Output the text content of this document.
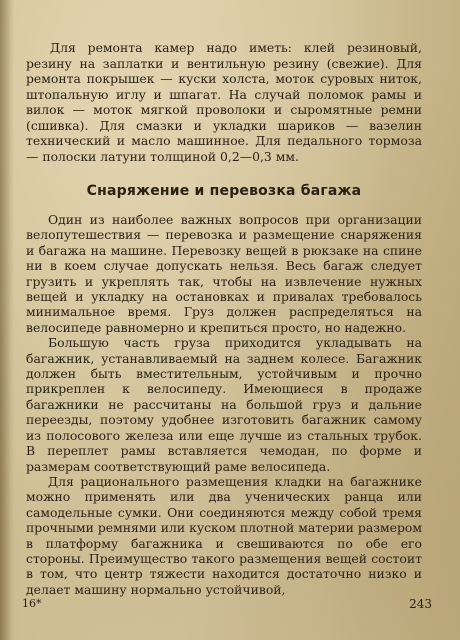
Для ремонта камер надо иметь: клей резиновый, резину на заплатки и вентильную резину (свежие). Для ремонта покрышек — куски холста, моток суровых ниток, штопальную иглу и шпагат. На случай поломок рамы и вилок — моток мягкой проволоки и сыромятные ремни (сшивка). Для смазки и укладки шариков — вазелин технический и масло машинное. Для педального тормоза — полоски латуни толщиной 0,2—0,3 мм.

Снаряжение и перевозка багажа

Один из наиболее важных вопросов при организации велопутешествия — перевозка и размещение снаряжения и багажа на машине. Перевозку вещей в рюкзаке на спине ни в коем случае допускать нельзя. Весь багаж следует грузить и укреплять так, чтобы на извлечение нужных вещей и укладку на остановках и привалах требовалось минимальное время. Груз должен распределяться на велосипеде равномерно и крепиться просто, но надежно.

Большую часть груза приходится укладывать на багажник, устанавливаемый на заднем колесе. Багажник должен быть вместительным, устойчивым и прочно прикреплен к велосипеду. Имеющиеся в продаже багажники не рассчитаны на большой груз и дальние переезды, поэтому удобнее изготовить багажник самому из полосового железа или еще лучше из стальных трубок. В переплет рамы вставляется чемодан, по форме и размерам соответствующий раме велосипеда.

Для рационального размещения кладки на багажнике можно применять или два ученических ранца или самодельные сумки. Они соединяются между собой тремя прочными ремнями или куском плотной материи размером в платформу багажника и свешиваются по обе его стороны. Преимущество такого размещения вещей состоит в том, что центр тяжести находится достаточно низко и делает машину нормально устойчивой,

16*	243
